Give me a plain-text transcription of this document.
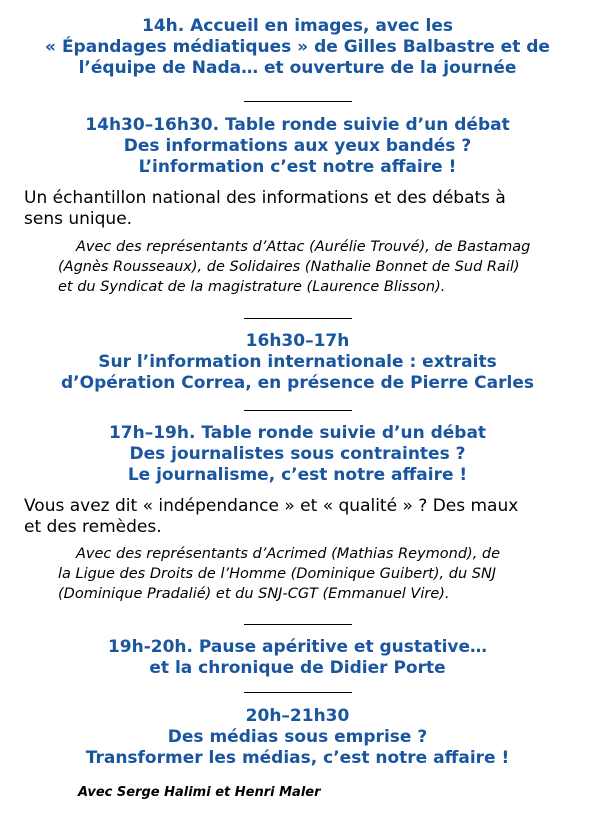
14h. Accueil en images, avec les

« Épandages médiatiques » de Gilles Balbastre et de

l’équipe de Nada… et ouverture de la journée

14h30–16h30. Table ronde suivie d’un débat

Des informations aux yeux bandés ?

L’information c’est notre affaire !

Un échantillon national des informations et des débats à

sens unique.

Avec des représentants d’Attac (Aurélie Trouvé), de Bastamag

(Agnès Rousseaux), de Solidaires (Nathalie Bonnet de Sud Rail)

et du Syndicat de la magistrature (Laurence Blisson).

16h30–17h

Sur l’information internationale : extraits

d’Opération Correa, en présence de Pierre Carles

17h–19h. Table ronde suivie d’un débat

Des journalistes sous contraintes ?

Le journalisme, c’est notre affaire !

Vous avez dit « indépendance » et « qualité » ? Des maux

et des remèdes.

Avec des représentants d’Acrimed (Mathias Reymond), de

la Ligue des Droits de l’Homme (Dominique Guibert), du SNJ

(Dominique Pradalié) et du SNJ-CGT (Emmanuel Vire).

19h-20h. Pause apéritive et gustative…

et la chronique de Didier Porte

20h–21h30

Des médias sous emprise ?

Transformer les médias, c’est notre affaire !

Avec Serge Halimi et Henri Maler
